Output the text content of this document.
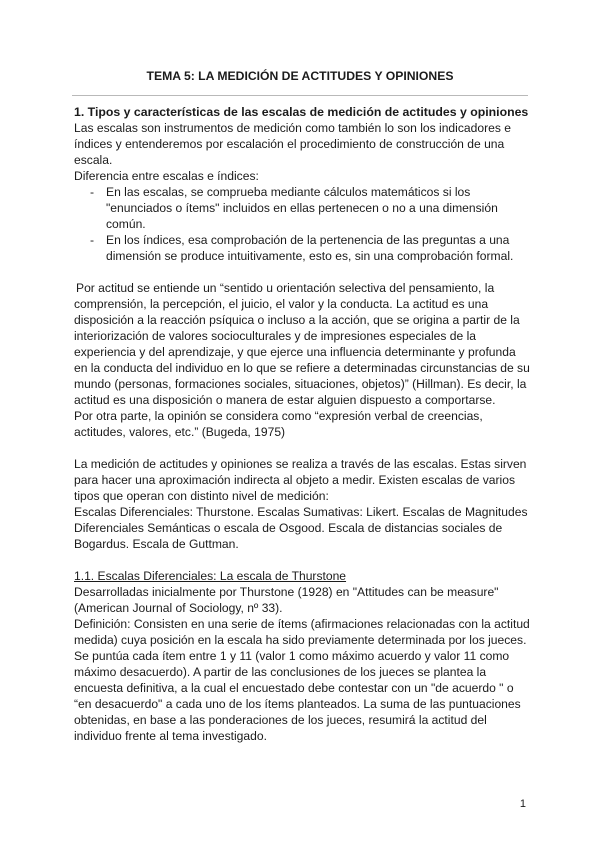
TEMA 5: LA MEDICIÓN DE ACTITUDES Y OPINIONES

1. Tipos y características de las escalas de medición de actitudes y opiniones

Las escalas son instrumentos de medición como también lo son los indicadores e índices y entenderemos por escalación el procedimiento de construcción de una escala.

Diferencia entre escalas e índices:

- En las escalas, se comprueba mediante cálculos matemáticos si los "enunciados o ítems" incluidos en ellas pertenecen o no a una dimensión común.
- En los índices, esa comprobación de la pertenencia de las preguntas a una dimensión se produce intuitivamente, esto es, sin una comprobación formal.

Por actitud se entiende un “sentido u orientación selectiva del pensamiento, la comprensión, la percepción, el juicio, el valor y la conducta. La actitud es una disposición a la reacción psíquica o incluso a la acción, que se origina a partir de la interiorización de valores socioculturales y de impresiones especiales de la experiencia y del aprendizaje, y que ejerce una influencia determinante y profunda en la conducta del individuo en lo que se refiere a determinadas circunstancias de su mundo (personas, formaciones sociales, situaciones, objetos)” (Hillman). Es decir, la actitud es una disposición o manera de estar alguien dispuesto a comportarse.

Por otra parte, la opinión se considera como “expresión verbal de creencias, actitudes, valores, etc.” (Bugeda, 1975)

La medición de actitudes y opiniones se realiza a través de las escalas. Estas sirven para hacer una aproximación indirecta al objeto a medir. Existen escalas de varios tipos que operan con distinto nivel de medición:

Escalas Diferenciales: Thurstone. Escalas Sumativas: Likert. Escalas de Magnitudes Diferenciales Semánticas o escala de Osgood. Escala de distancias sociales de Bogardus. Escala de Guttman.

1.1. Escalas Diferenciales: La escala de Thurstone

Desarrolladas inicialmente por Thurstone (1928) en "Attitudes can be measure" (American Journal of Sociology, nº 33).

Definición: Consisten en una serie de ítems (afirmaciones relacionadas con la actitud medida) cuya posición en la escala ha sido previamente determinada por los jueces.

Se puntúa cada ítem entre 1 y 11 (valor 1 como máximo acuerdo y valor 11 como máximo desacuerdo). A partir de las conclusiones de los jueces se plantea la encuesta definitiva, a la cual el encuestado debe contestar con un "de acuerdo " o “en desacuerdo" a cada uno de los ítems planteados. La suma de las puntuaciones obtenidas, en base a las ponderaciones de los jueces, resumirá la actitud del individuo frente al tema investigado.

1
